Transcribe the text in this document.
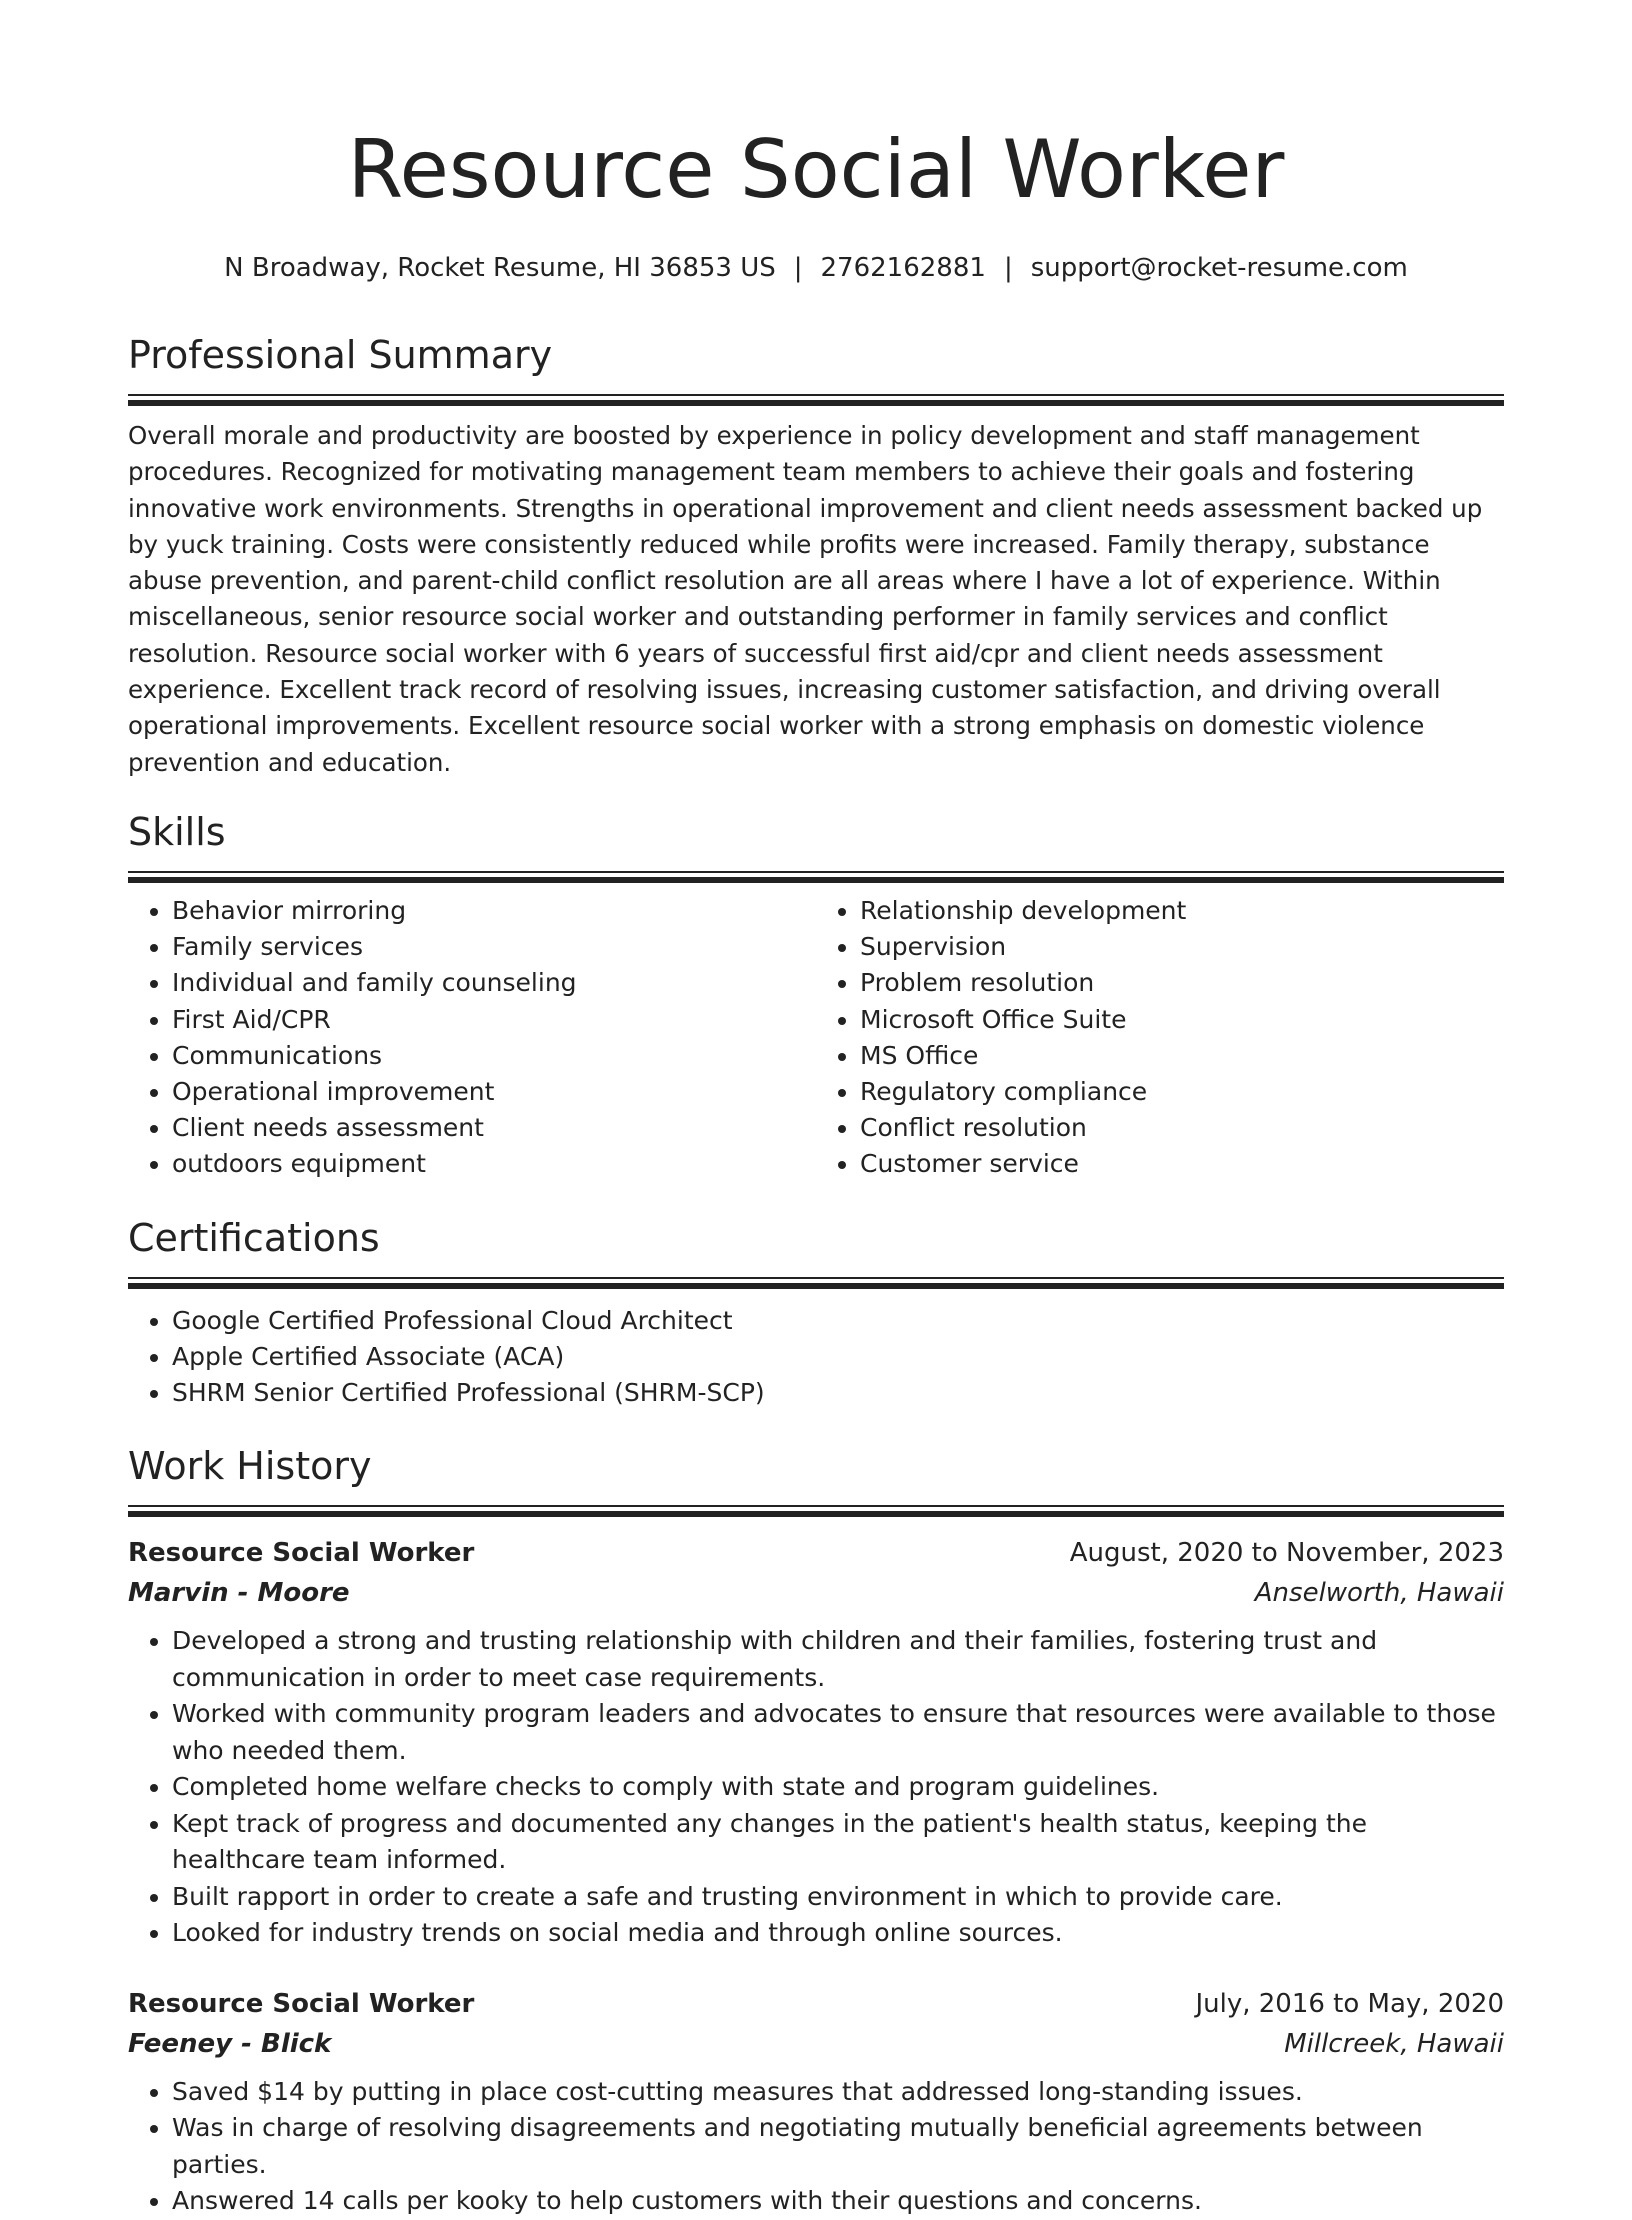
Resource Social Worker
N Broadway, Rocket Resume, HI 36853 US | 2762162881 | support@rocket-resume.com
Professional Summary

Overall morale and productivity are boosted by experience in policy development and staff management procedures. Recognized for motivating management team members to achieve their goals and fostering innovative work environments. Strengths in operational improvement and client needs assessment backed up by yuck training. Costs were consistently reduced while profits were increased. Family therapy, substance abuse prevention, and parent-child conflict resolution are all areas where I have a lot of experience. Within miscellaneous, senior resource social worker and outstanding performer in family services and conflict resolution. Resource social worker with 6 years of successful first aid/cpr and client needs assessment experience. Excellent track record of resolving issues, increasing customer satisfaction, and driving overall operational improvements. Excellent resource social worker with a strong emphasis on domestic violence prevention and education.

Skills
• Behavior mirroring
• Family services
• Individual and family counseling
• First Aid/CPR
• Communications
• Operational improvement
• Client needs assessment
• outdoors equipment
• Relationship development
• Supervision
• Problem resolution
• Microsoft Office Suite
• MS Office
• Regulatory compliance
• Conflict resolution
• Customer service
Certifications
• Google Certified Professional Cloud Architect
• Apple Certified Associate (ACA)
• SHRM Senior Certified Professional (SHRM-SCP)
Work History
Resource Social Worker	August, 2020 to November, 2023
Marvin - Moore	Anselworth, Hawaii
• Developed a strong and trusting relationship with children and their families, fostering trust and communication in order to meet case requirements.
• Worked with community program leaders and advocates to ensure that resources were available to those who needed them.
• Completed home welfare checks to comply with state and program guidelines.
• Kept track of progress and documented any changes in the patient's health status, keeping the healthcare team informed.
• Built rapport in order to create a safe and trusting environment in which to provide care.
• Looked for industry trends on social media and through online sources.
Resource Social Worker	July, 2016 to May, 2020
Feeney - Blick	Millcreek, Hawaii
• Saved $14 by putting in place cost-cutting measures that addressed long-standing issues.
• Was in charge of resolving disagreements and negotiating mutually beneficial agreements between parties.
• Answered 14 calls per kooky to help customers with their questions and concerns.
